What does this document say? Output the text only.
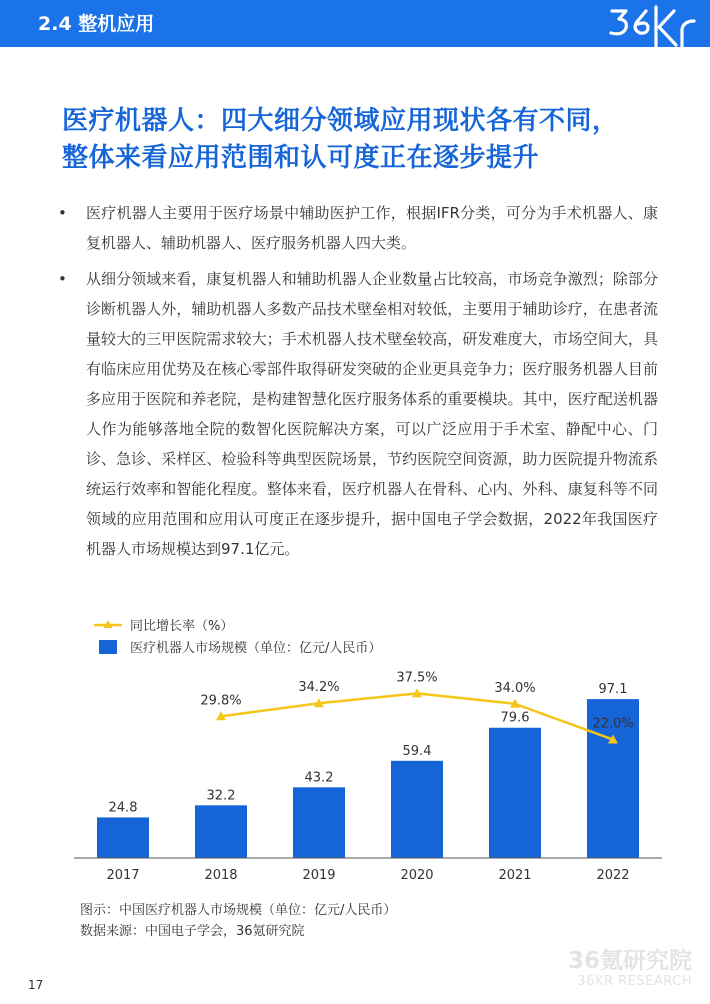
2.4 整机应用
医疗机器人：四大细分领域应用现状各有不同，
整体来看应用范围和认可度正在逐步提升
• 医疗机器人主要用于医疗场景中辅助医护工作，根据IFR分类，可分为手术机器人、康复机器人、辅助机器人、医疗服务机器人四大类。
• 从细分领域来看，康复机器人和辅助机器人企业数量占比较高，市场竞争激烈；除部分诊断机器人外，辅助机器人多数产品技术壁垒相对较低，主要用于辅助诊疗，在患者流量较大的三甲医院需求较大；手术机器人技术壁垒较高，研发难度大，市场空间大，具有临床应用优势及在核心零部件取得研发突破的企业更具竞争力；医疗服务机器人目前多应用于医院和养老院，是构建智慧化医疗服务体系的重要模块。其中，医疗配送机器人作为能够落地全院的数智化医院解决方案，可以广泛应用于手术室、静配中心、门诊、急诊、采样区、检验科等典型医院场景，节约医院空间资源，助力医院提升物流系统运行效率和智能化程度。整体来看，医疗机器人在骨科、心内、外科、康复科等不同领域的应用范围和应用认可度正在逐步提升，据中国电子学会数据，2022年我国医疗机器人市场规模达到97.1亿元。
同比增长率（%）
医疗机器人市场规模（单位：亿元/人民币）
24.8
32.2
43.2
59.4
79.6
97.1
2017	2018	2019	2020	2021	2022
29.8%
34.2%
37.5%
34.0%
22.0%
图示：中国医疗机器人市场规模（单位：亿元/人民币）
数据来源：中国电子学会，36氪研究院
36氪研究院
36KR RESEARCH
17
